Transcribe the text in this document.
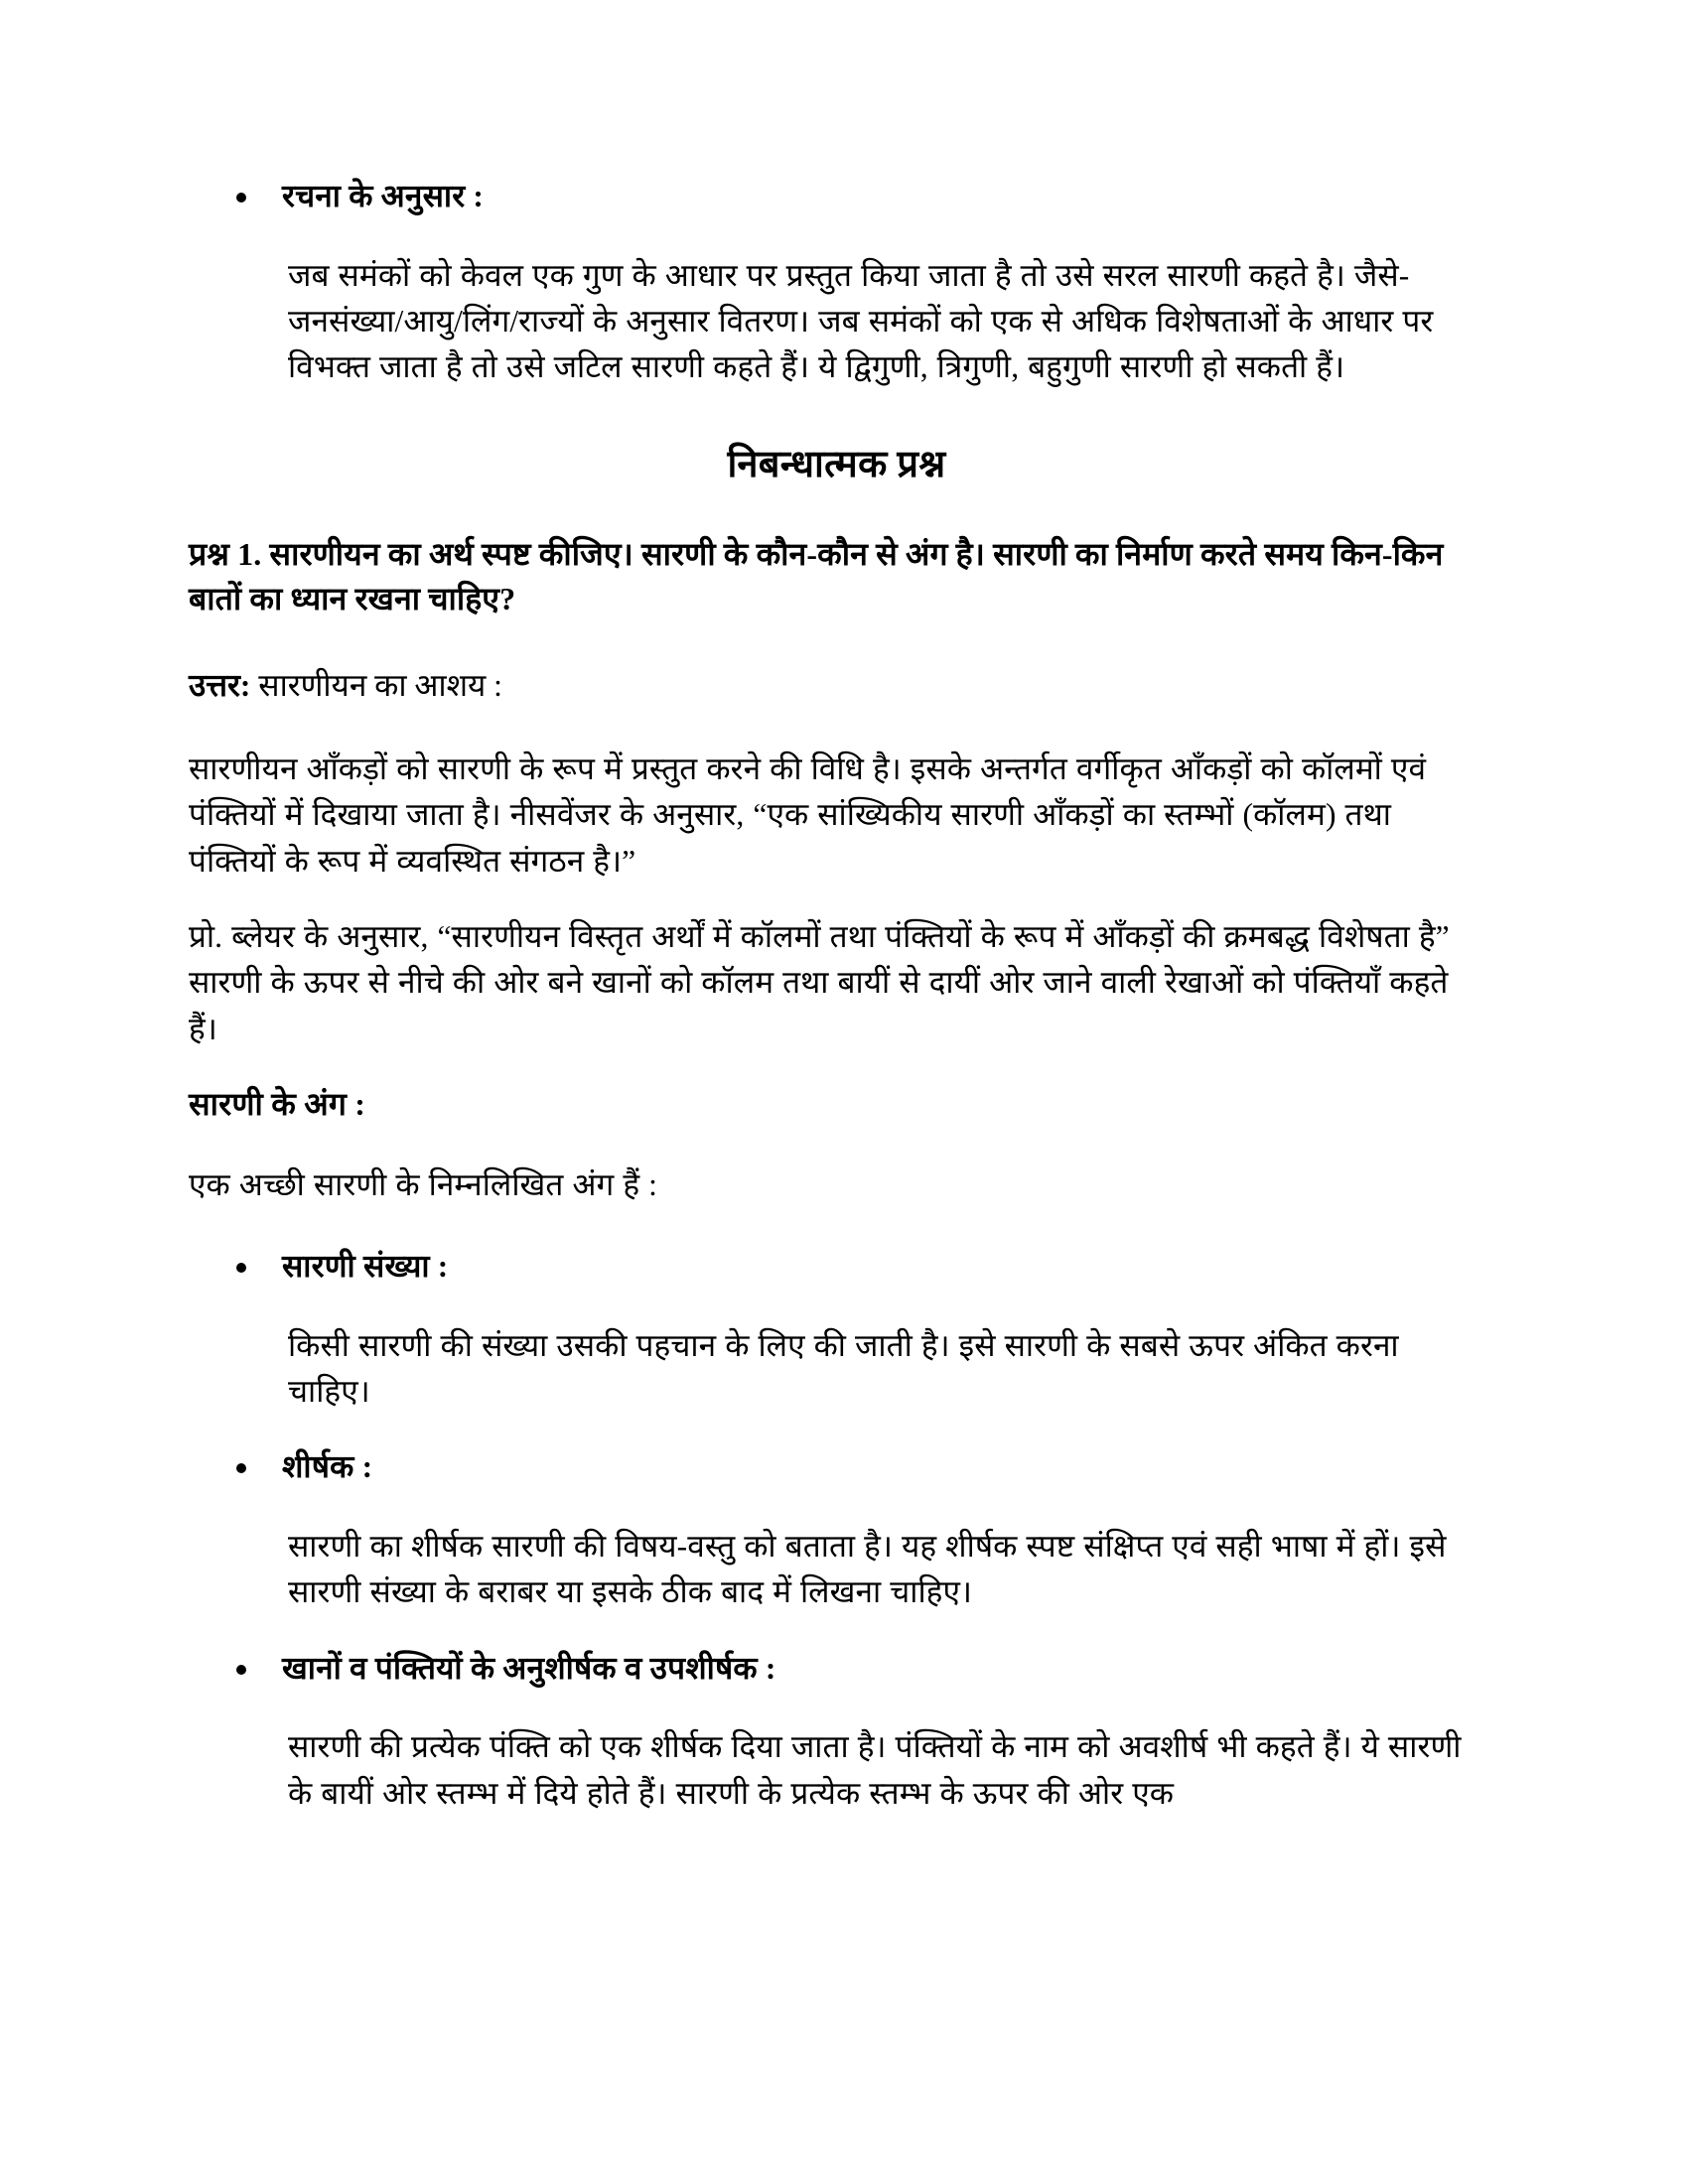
रचना के अनुसार :

जब समंकों को केवल एक गुण के आधार पर प्रस्तुत किया जाता है तो उसे सरल सारणी कहते है। जैसे-जनसंख्या/आयु/लिंग/राज्यों के अनुसार वितरण। जब समंकों को एक से अधिक विशेषताओं के आधार पर विभक्त जाता है तो उसे जटिल सारणी कहते हैं। ये द्विगुणी, त्रिगुणी, बहुगुणी सारणी हो सकती हैं।

निबन्धात्मक प्रश्न

प्रश्न 1. सारणीयन का अर्थ स्पष्ट कीजिए। सारणी के कौन-कौन से अंग है। सारणी का निर्माण करते समय किन-किन बातों का ध्यान रखना चाहिए?

उत्तर: सारणीयन का आशय :

सारणीयन आँकड़ों को सारणी के रूप में प्रस्तुत करने की विधि है। इसके अन्तर्गत वर्गीकृत आँकड़ों को कॉलमों एवं पंक्तियों में दिखाया जाता है। नीसवेंजर के अनुसार, “एक सांख्यिकीय सारणी आँकड़ों का स्तम्भों (कॉलम) तथा पंक्तियों के रूप में व्यवस्थित संगठन है।”

प्रो. ब्लेयर के अनुसार, “सारणीयन विस्तृत अर्थों में कॉलमों तथा पंक्तियों के रूप में आँकड़ों की क्रमबद्ध विशेषता है” सारणी के ऊपर से नीचे की ओर बने खानों को कॉलम तथा बायीं से दायीं ओर जाने वाली रेखाओं को पंक्तियाँ कहते हैं।

सारणी के अंग :

एक अच्छी सारणी के निम्नलिखित अंग हैं :

सारणी संख्या :

किसी सारणी की संख्या उसकी पहचान के लिए की जाती है। इसे सारणी के सबसे ऊपर अंकित करना चाहिए।

शीर्षक :

सारणी का शीर्षक सारणी की विषय-वस्तु को बताता है। यह शीर्षक स्पष्ट संक्षिप्त एवं सही भाषा में हों। इसे सारणी संख्या के बराबर या इसके ठीक बाद में लिखना चाहिए।

खानों व पंक्तियों के अनुशीर्षक व उपशीर्षक :

सारणी की प्रत्येक पंक्ति को एक शीर्षक दिया जाता है। पंक्तियों के नाम को अवशीर्ष भी कहते हैं। ये सारणी के बायीं ओर स्तम्भ में दिये होते हैं। सारणी के प्रत्येक स्तम्भ के ऊपर की ओर एक
